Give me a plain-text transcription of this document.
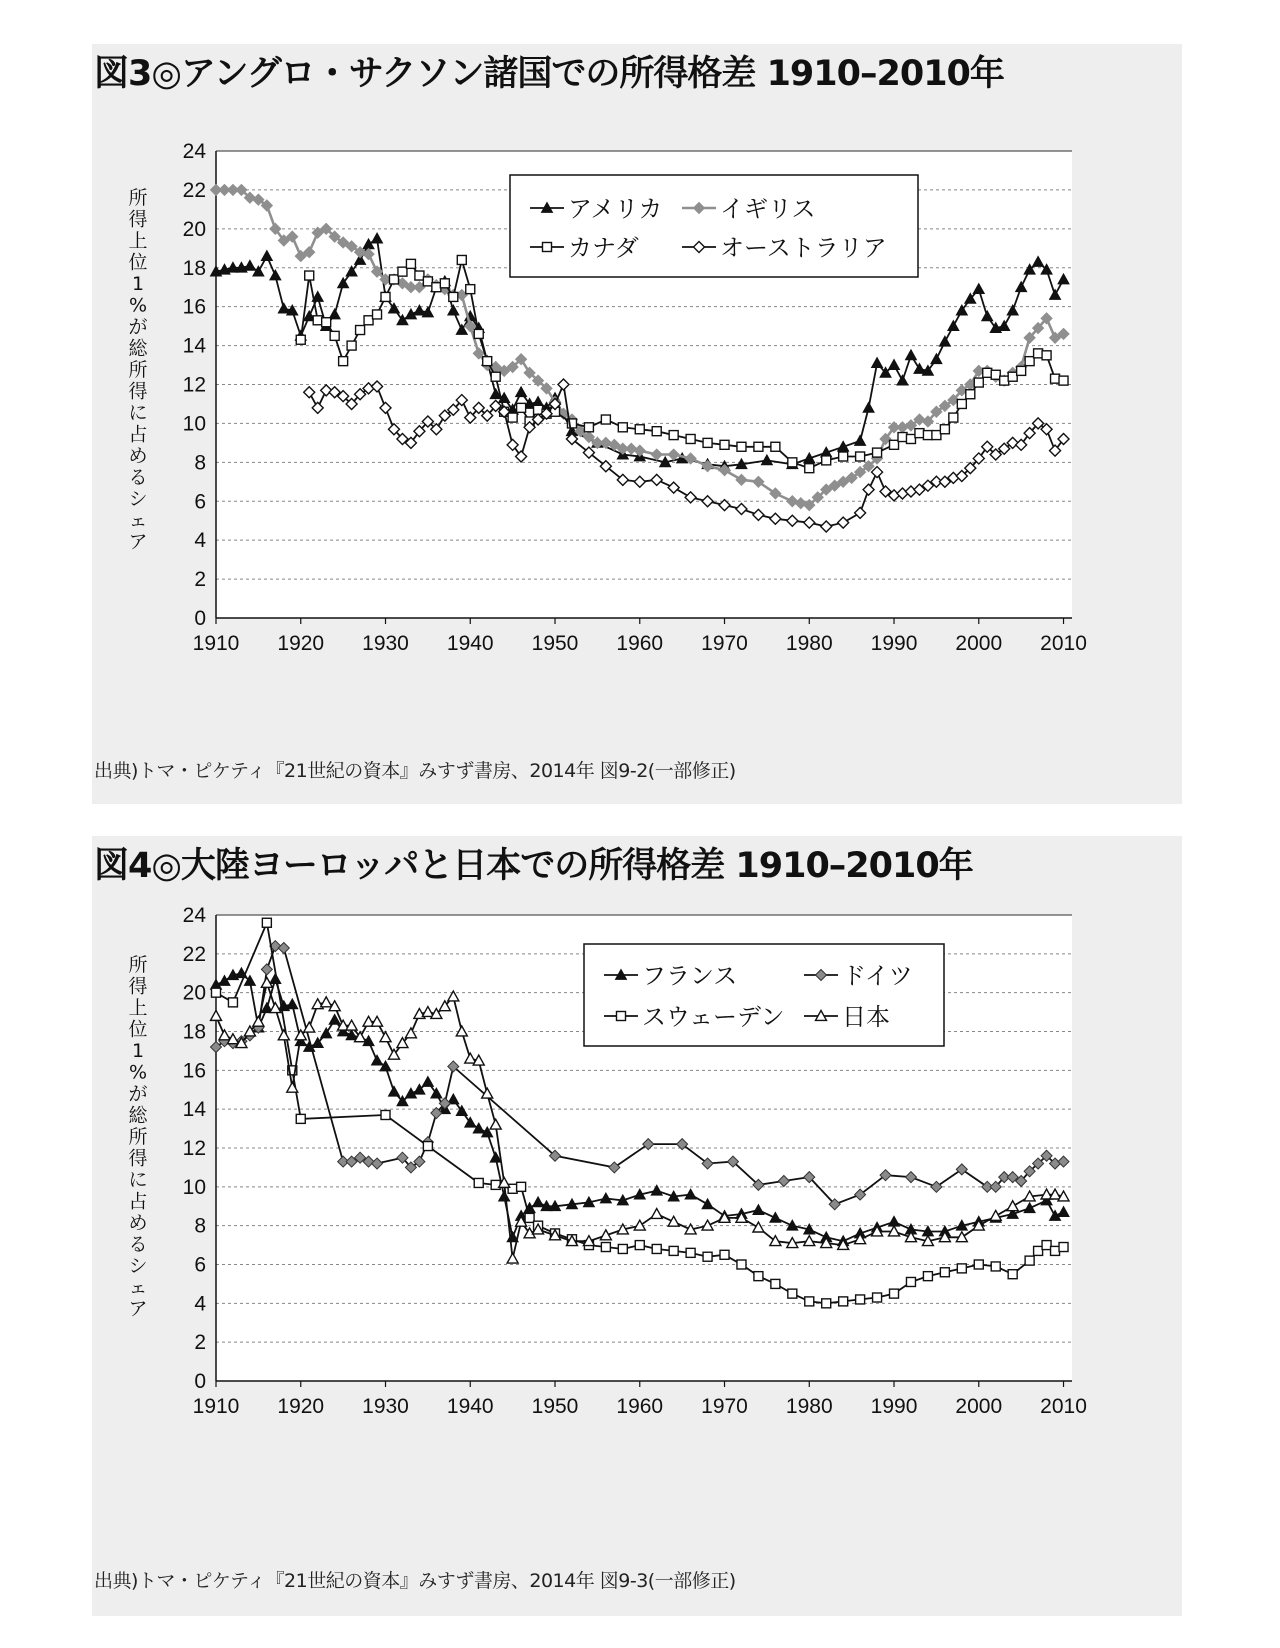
図3◎アングロ・サクソン諸国での所得格差 1910–2010年
0
2
4
6
8
10
12
14
16
18
20
22
24
1910 1920 1930 1940 1950 1960 1970 1980 1990 2000 2010
所得上位 1 %が総所得に占めるシェア
アメリカ イギリス
カナダ	オーストラリア
出典)トマ・ピケティ『21世紀の資本』みすず書房、2014年 図9-2(一部修正)
図4◎大陸ヨーロッパと日本での所得格差 1910–2010年
0
2
4
6
8
10
12
14
16
18
20
22
24
1910 1920 1930 1940 1950 1960 1970 1980 1990 2000 2010
所得上位 1 %が総所得に占めるシェア
フランス	ドイツ
スウェーデン 日本
出典)トマ・ピケティ『21世紀の資本』みすず書房、2014年 図9-3(一部修正)
